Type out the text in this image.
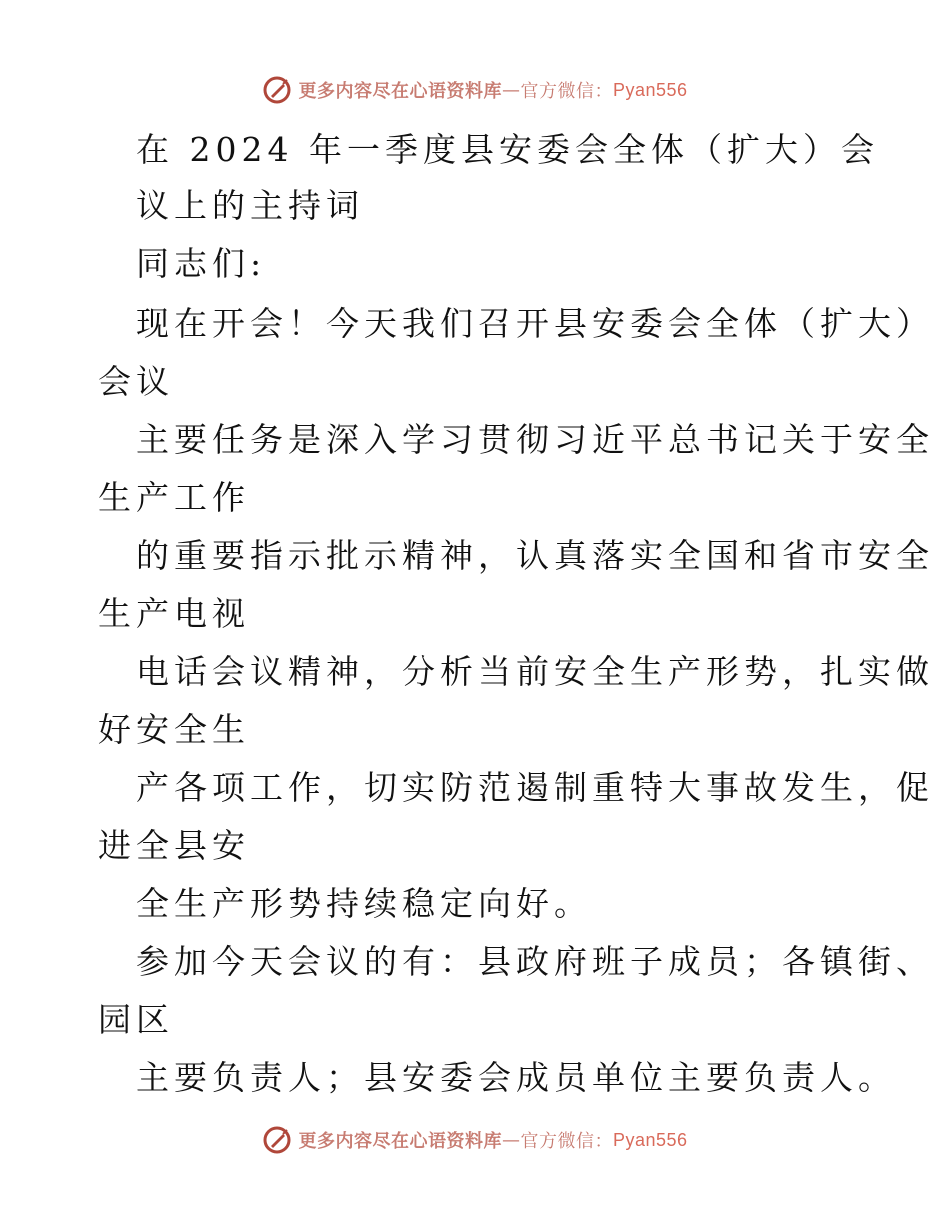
更多内容尽在心语资料库 — 官方微信： Pyan556
在 2024 年一季度县安委会全体（扩大）会
议上的主持词
同志们:
现在开会！今天我们召开县安委会全体（扩大）
会议
主要任务是深入学习贯彻习近平总书记关于安全
生产工作
的重要指示批示精神，认真落实全国和省市安全
生产电视
电话会议精神，分析当前安全生产形势，扎实做
好安全生
产各项工作，切实防范遏制重特大事故发生，促
进全县安
全生产形势持续稳定向好。
参加今天会议的有：县政府班子成员；各镇街、
园区
主要负责人；县安委会成员单位主要负责人。
更多内容尽在心语资料库 — 官方微信： Pyan556
